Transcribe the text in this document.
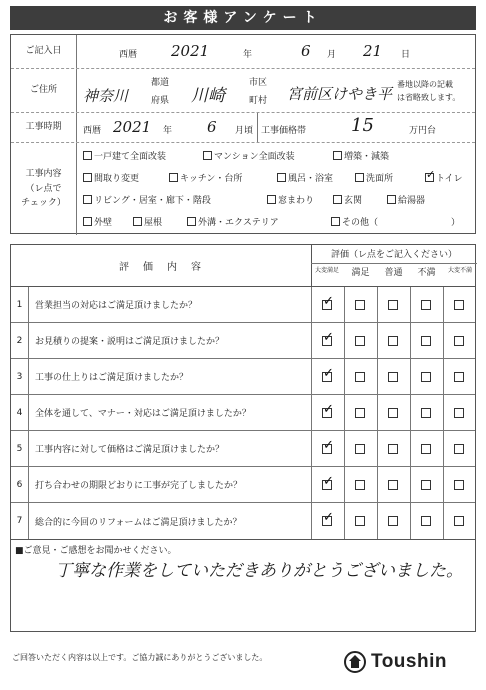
お客様アンケート
ご記入日	西暦 2021	年	6 月 21 日
ご住所	神奈川
都道
府県 川崎
市区
町村 宮前区けやき平
番地以降の記載
は省略致します。
工事時期	西暦 2021 年 6 月頃 工事価格帯 15	万円台
工事内容
（レ点で
チェック）
一戸建て全面改装	マンション全面改装	増築・減築
間取り変更	キッチン・台所	風呂・浴室	洗面所
✓	トイレ
リビング・居室・廊下・階段	窓まわり	玄関	給湯器
外壁	屋根	外溝・エクステリア	その他（	）
評　価　内　容
評価（レ点をご記入ください）
大変満足	満足	普通	不満	大変不満
1	営業担当の対応はご満足頂けましたか？
✓
2	お見積りの提案・説明はご満足頂けましたか？
✓
3	工事の仕上りはご満足頂けましたか？
✓
4	全体を通して、マナー・対応はご満足頂けましたか？
✓
5	工事内容に対して価格はご満足頂けましたか？
✓
6	打ち合わせの期限どおりに工事が完了しましたか？
✓
7	総合的に今回のリフォームはご満足頂けましたか？
✓
■ご意見・ご感想をお聞かせください。
丁寧な作業をしていただきありがとうございました。
ご回答いただく内容は以上です。ご協力誠にありがとうございました。	Toushin
